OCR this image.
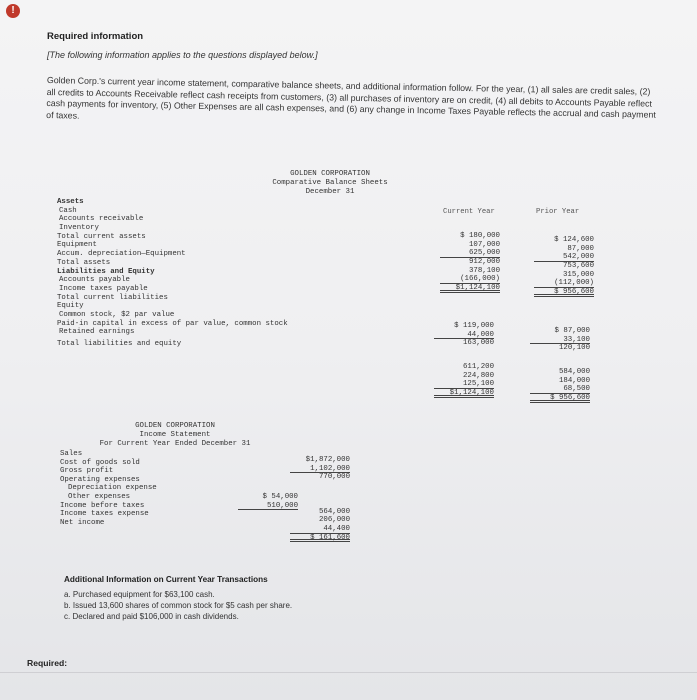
!
Required information
[The following information applies to the questions displayed below.]
Golden Corp.'s current year income statement, comparative balance sheets, and additional information follow. For the year, (1) all sales are credit sales, (2) all credits to Accounts Receivable reflect cash receipts from customers, (3) all purchases of inventory are on credit, (4) all debits to Accounts Payable reflect cash payments for inventory, (5) Other Expenses are all cash expenses, and (6) any change in Income Taxes Payable reflects the accrual and cash payment of taxes.
GOLDEN CORPORATION
Comparative Balance Sheets
December 31
Current Year	Prior Year
Assets
Cash
Accounts receivable
Inventory
Total current assets
Equipment
Accum. depreciation—Equipment
Total assets
Liabilities and Equity
Accounts payable
Income taxes payable
Total current liabilities
Equity
Common stock, $2 par value
Paid-in capital in excess of par value, common stock
Retained earnings
Total liabilities and equity
$ 180,000
107,000
625,000
912,000
378,100
(166,000)
$1,124,100
$ 124,600
87,000
542,000
753,600
315,000
(112,000)
$ 956,600
$ 119,000
44,000
163,000
611,200
224,800
125,100
$1,124,100
$ 87,000
33,100
120,100
584,000
184,000
68,500
$ 956,600
GOLDEN CORPORATION
Income Statement
For Current Year Ended December 31
Sales
Cost of goods sold
Gross profit
Operating expenses
Depreciation expense
Other expenses
Income before taxes
Income taxes expense
Net income
$ 54,000
510,000
$1,872,000
1,102,000
770,000
564,000
206,000
44,400
$ 161,600
Additional Information on Current Year Transactions
a. Purchased equipment for $63,100 cash.
b. Issued 13,600 shares of common stock for $5 cash per share.
c. Declared and paid $106,000 in cash dividends.
Required:
